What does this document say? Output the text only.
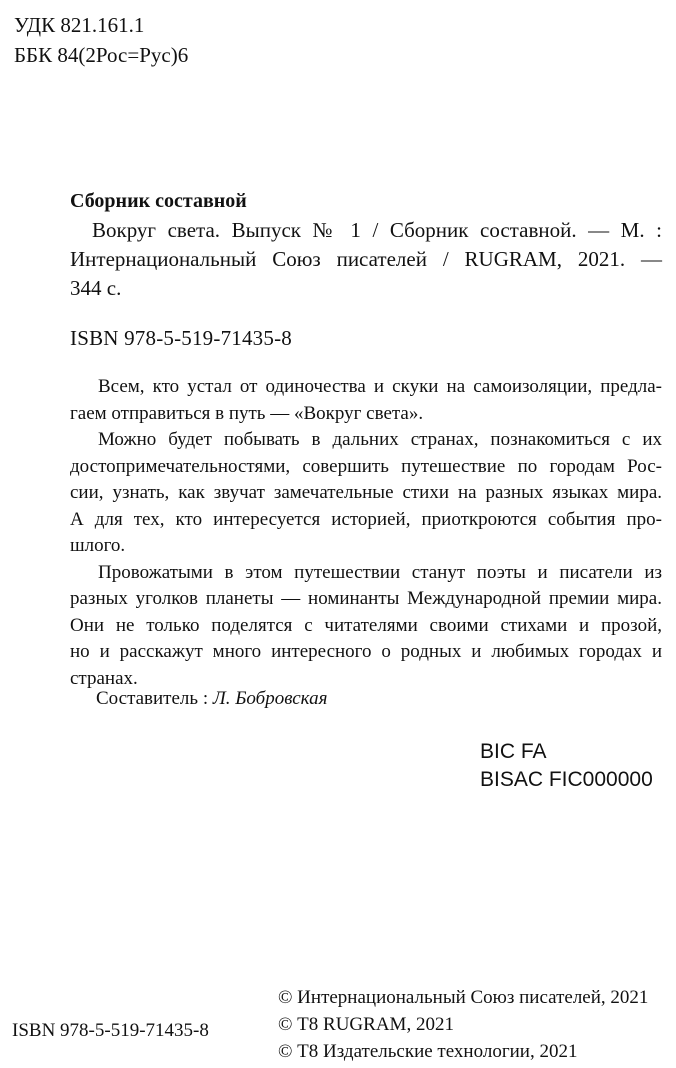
УДК 821.161.1
ББК 84(2Рос=Рус)6
Сборник составной
Вокруг света. Выпуск № 1 / Сборник составной. — М. :
Интернациональный Союз писателей / RUGRAM, 2021. —
344 с.
ISBN 978-5-519-71435-8
Всем, кто устал от одиночества и скуки на самоизоляции, предла-
гаем отправиться в путь — «Вокруг света».
Можно будет побывать в дальних странах, познакомиться с их
достопримечательностями, совершить путешествие по городам Рос-
сии, узнать, как звучат замечательные стихи на разных языках мира.
А для тех, кто интересуется историей, приоткроются события про-
шлого.
Провожатыми в этом путешествии станут поэты и писатели из
разных уголков планеты — номинанты Международной премии мира.
Они не только поделятся с читателями своими стихами и прозой,
но и расскажут много интересного о родных и любимых городах и
странах.
Составитель : Л. Бобровская
BIC FA
BISAC FIC000000
ISBN 978-5-519-71435-8
© Интернациональный Союз писателей, 2021
© Т8 RUGRAM, 2021
© Т8 Издательские технологии, 2021
